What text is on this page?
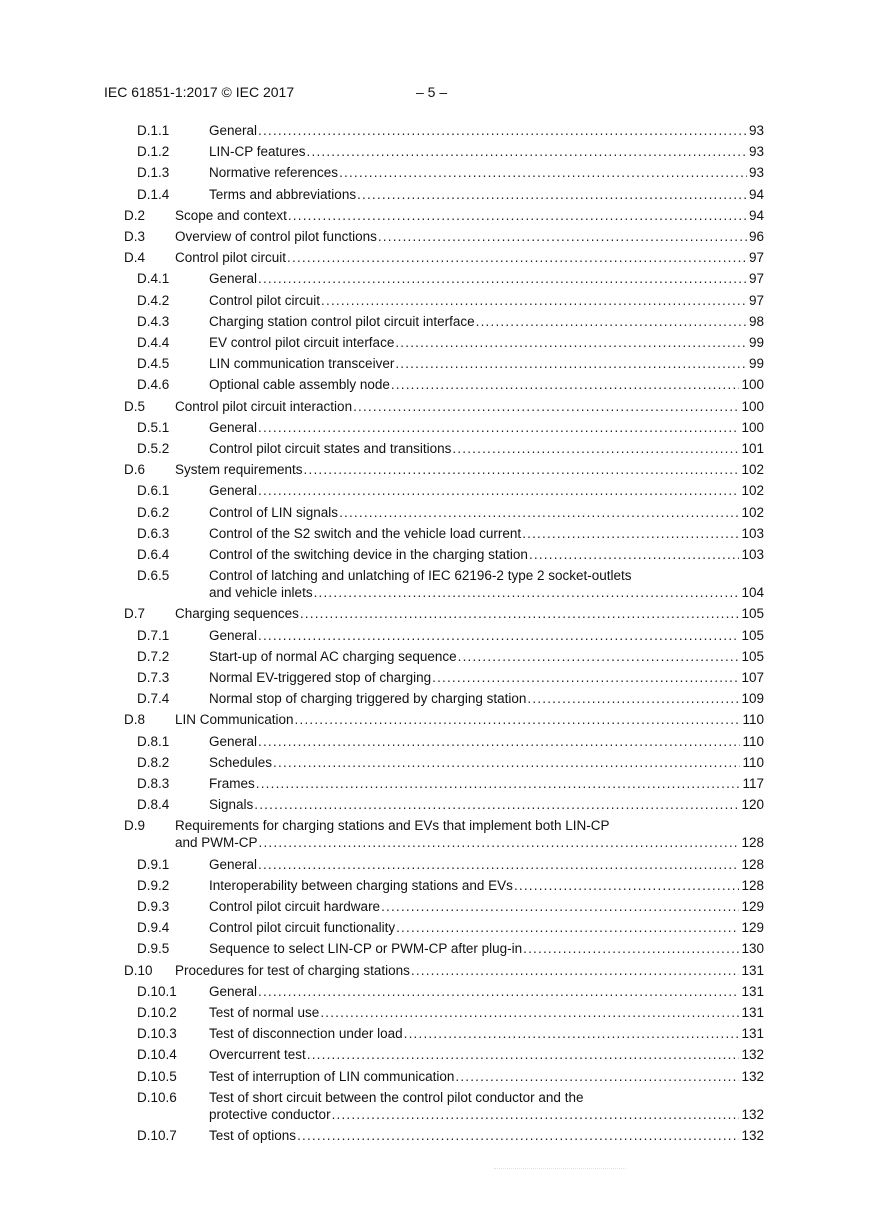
IEC 61851-1:2017 © IEC 2017	– 5 –
D.1.1	General .....	93
D.1.2	LIN-CP features .....	93
D.1.3	Normative references .....	93
D.1.4	Terms and abbreviations .....	94
D.2 Scope and context .....	94
D.3 Overview of control pilot functions .....	96
D.4 Control pilot circuit .....	97
D.4.1	General .....	97
D.4.2	Control pilot circuit .....	97
D.4.3	Charging station control pilot circuit interface .....	98
D.4.4	EV control pilot circuit interface .....	99
D.4.5	LIN communication transceiver .....	99
D.4.6	Optional cable assembly node .....	100
D.5 Control pilot circuit interaction .....	100
D.5.1	General .....	100
D.5.2	Control pilot circuit states and transitions .....	101
D.6 System requirements .....	102
D.6.1	General .....	102
D.6.2	Control of LIN signals .....	102
D.6.3	Control of the S2 switch and the vehicle load current .....	103
D.6.4	Control of the switching device in the charging station .....	103
D.6.5	Control of latching and unlatching of IEC 62196-2 type 2 socket-outlets
and vehicle inlets .....	104
D.7 Charging sequences .....	105
D.7.1	General .....	105
D.7.2	Start-up of normal AC charging sequence .....	105
D.7.3	Normal EV-triggered stop of charging .....	107
D.7.4	Normal stop of charging triggered by charging station .....	109
D.8 LIN Communication .....	110
D.8.1	General .....	110
D.8.2	Schedules .....	110
D.8.3	Frames .....	117
D.8.4	Signals .....	120
D.9 Requirements for charging stations and EVs that implement both LIN-CP
and PWM-CP .....	128
D.9.1	General .....	128
D.9.2	Interoperability between charging stations and EVs .....	128
D.9.3	Control pilot circuit hardware .....	129
D.9.4	Control pilot circuit functionality .....	129
D.9.5	Sequence to select LIN-CP or PWM-CP after plug-in .....	130
D.10 Procedures for test of charging stations .....	131
D.10.1 General .....	131
D.10.2 Test of normal use .....	131
D.10.3 Test of disconnection under load .....	131
D.10.4 Overcurrent test .....	132
D.10.5 Test of interruption of LIN communication .....	132
D.10.6 Test of short circuit between the control pilot conductor and the
protective conductor .....	132
D.10.7 Test of options .....	132
